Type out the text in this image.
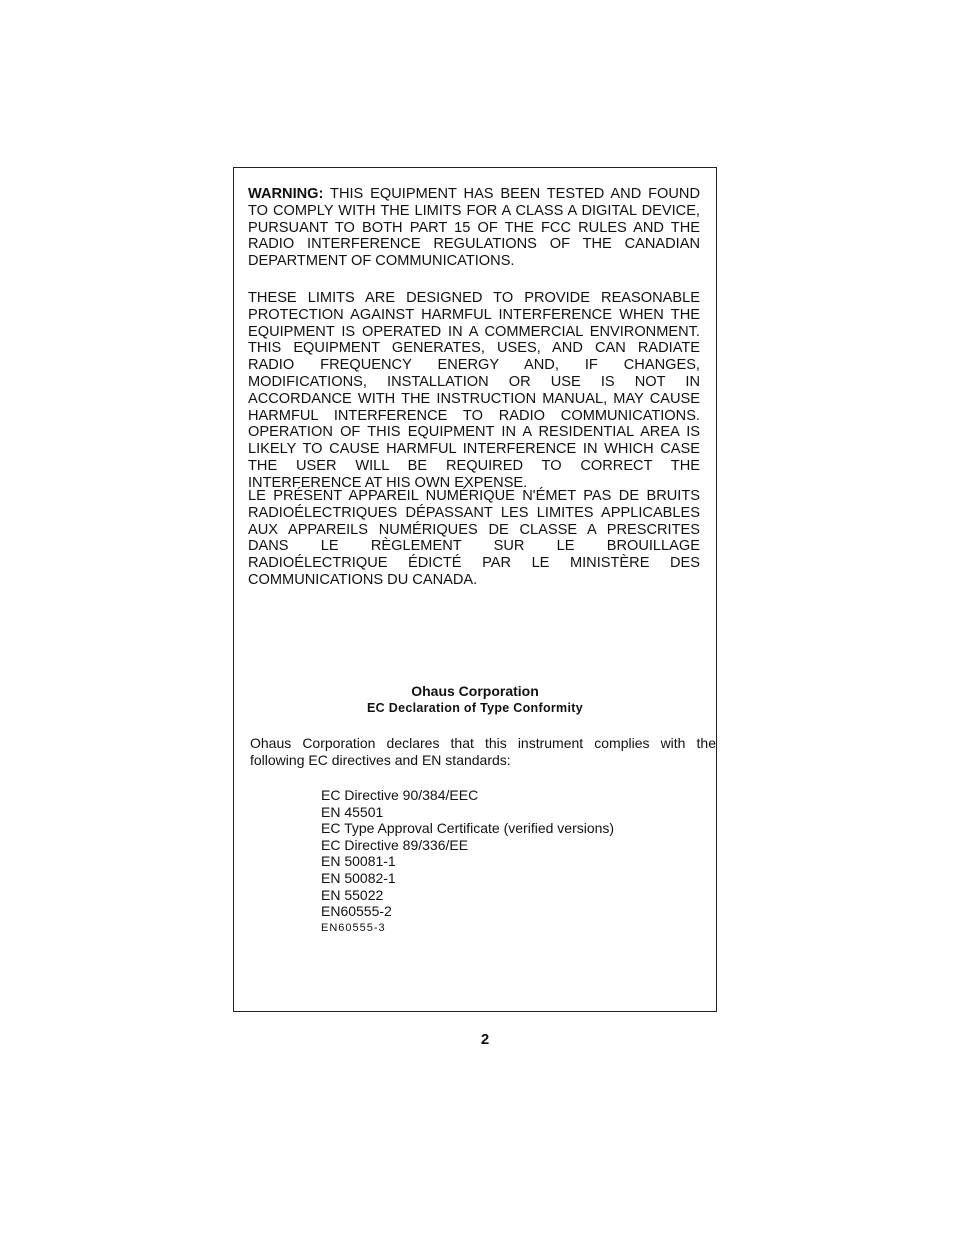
WARNING: THIS EQUIPMENT HAS BEEN TESTED AND FOUND TO COMPLY WITH THE LIMITS FOR A CLASS A DIGITAL DEVICE, PURSUANT TO BOTH PART 15 OF THE FCC RULES AND THE RADIO INTERFERENCE REGULATIONS OF THE CANADIAN DEPARTMENT OF COMMUNICATIONS.

THESE LIMITS ARE DESIGNED TO PROVIDE REASONABLE PROTECTION AGAINST HARMFUL INTERFERENCE WHEN THE EQUIPMENT IS OPERATED IN A COMMERCIAL ENVIRONMENT. THIS EQUIPMENT GENERATES, USES, AND CAN RADIATE RADIO FREQUENCY ENERGY AND, IF CHANGES, MODIFICATIONS, INSTALLATION OR USE IS NOT IN ACCORDANCE WITH THE INSTRUCTION MANUAL, MAY CAUSE HARMFUL INTERFERENCE TO RADIO COMMUNICATIONS. OPERATION OF THIS EQUIPMENT IN A RESIDENTIAL AREA IS LIKELY TO CAUSE HARMFUL INTERFERENCE IN WHICH CASE THE USER WILL BE REQUIRED TO CORRECT THE INTERFERENCE AT HIS OWN EXPENSE.

LE PRÉSENT APPAREIL NUMÉRIQUE N'ÉMET PAS DE BRUITS RADIOÉLECTRIQUES DÉPASSANT LES LIMITES APPLICABLES AUX APPAREILS NUMÉRIQUES DE CLASSE A PRESCRITES DANS LE RÈGLEMENT SUR LE BROUILLAGE RADIOÉLECTRIQUE ÉDICTÉ PAR LE MINISTÈRE DES COMMUNICATIONS DU CANADA.

Ohaus Corporation

EC Declaration of Type Conformity

Ohaus Corporation declares that this instrument complies with the following EC directives and EN standards:

EC Directive 90/384/EEC
EN 45501
EC Type Approval Certificate (verified versions)
EC Directive 89/336/EE
EN 50081-1
EN 50082-1
EN 55022
EN60555-2
EN60555-3
2
